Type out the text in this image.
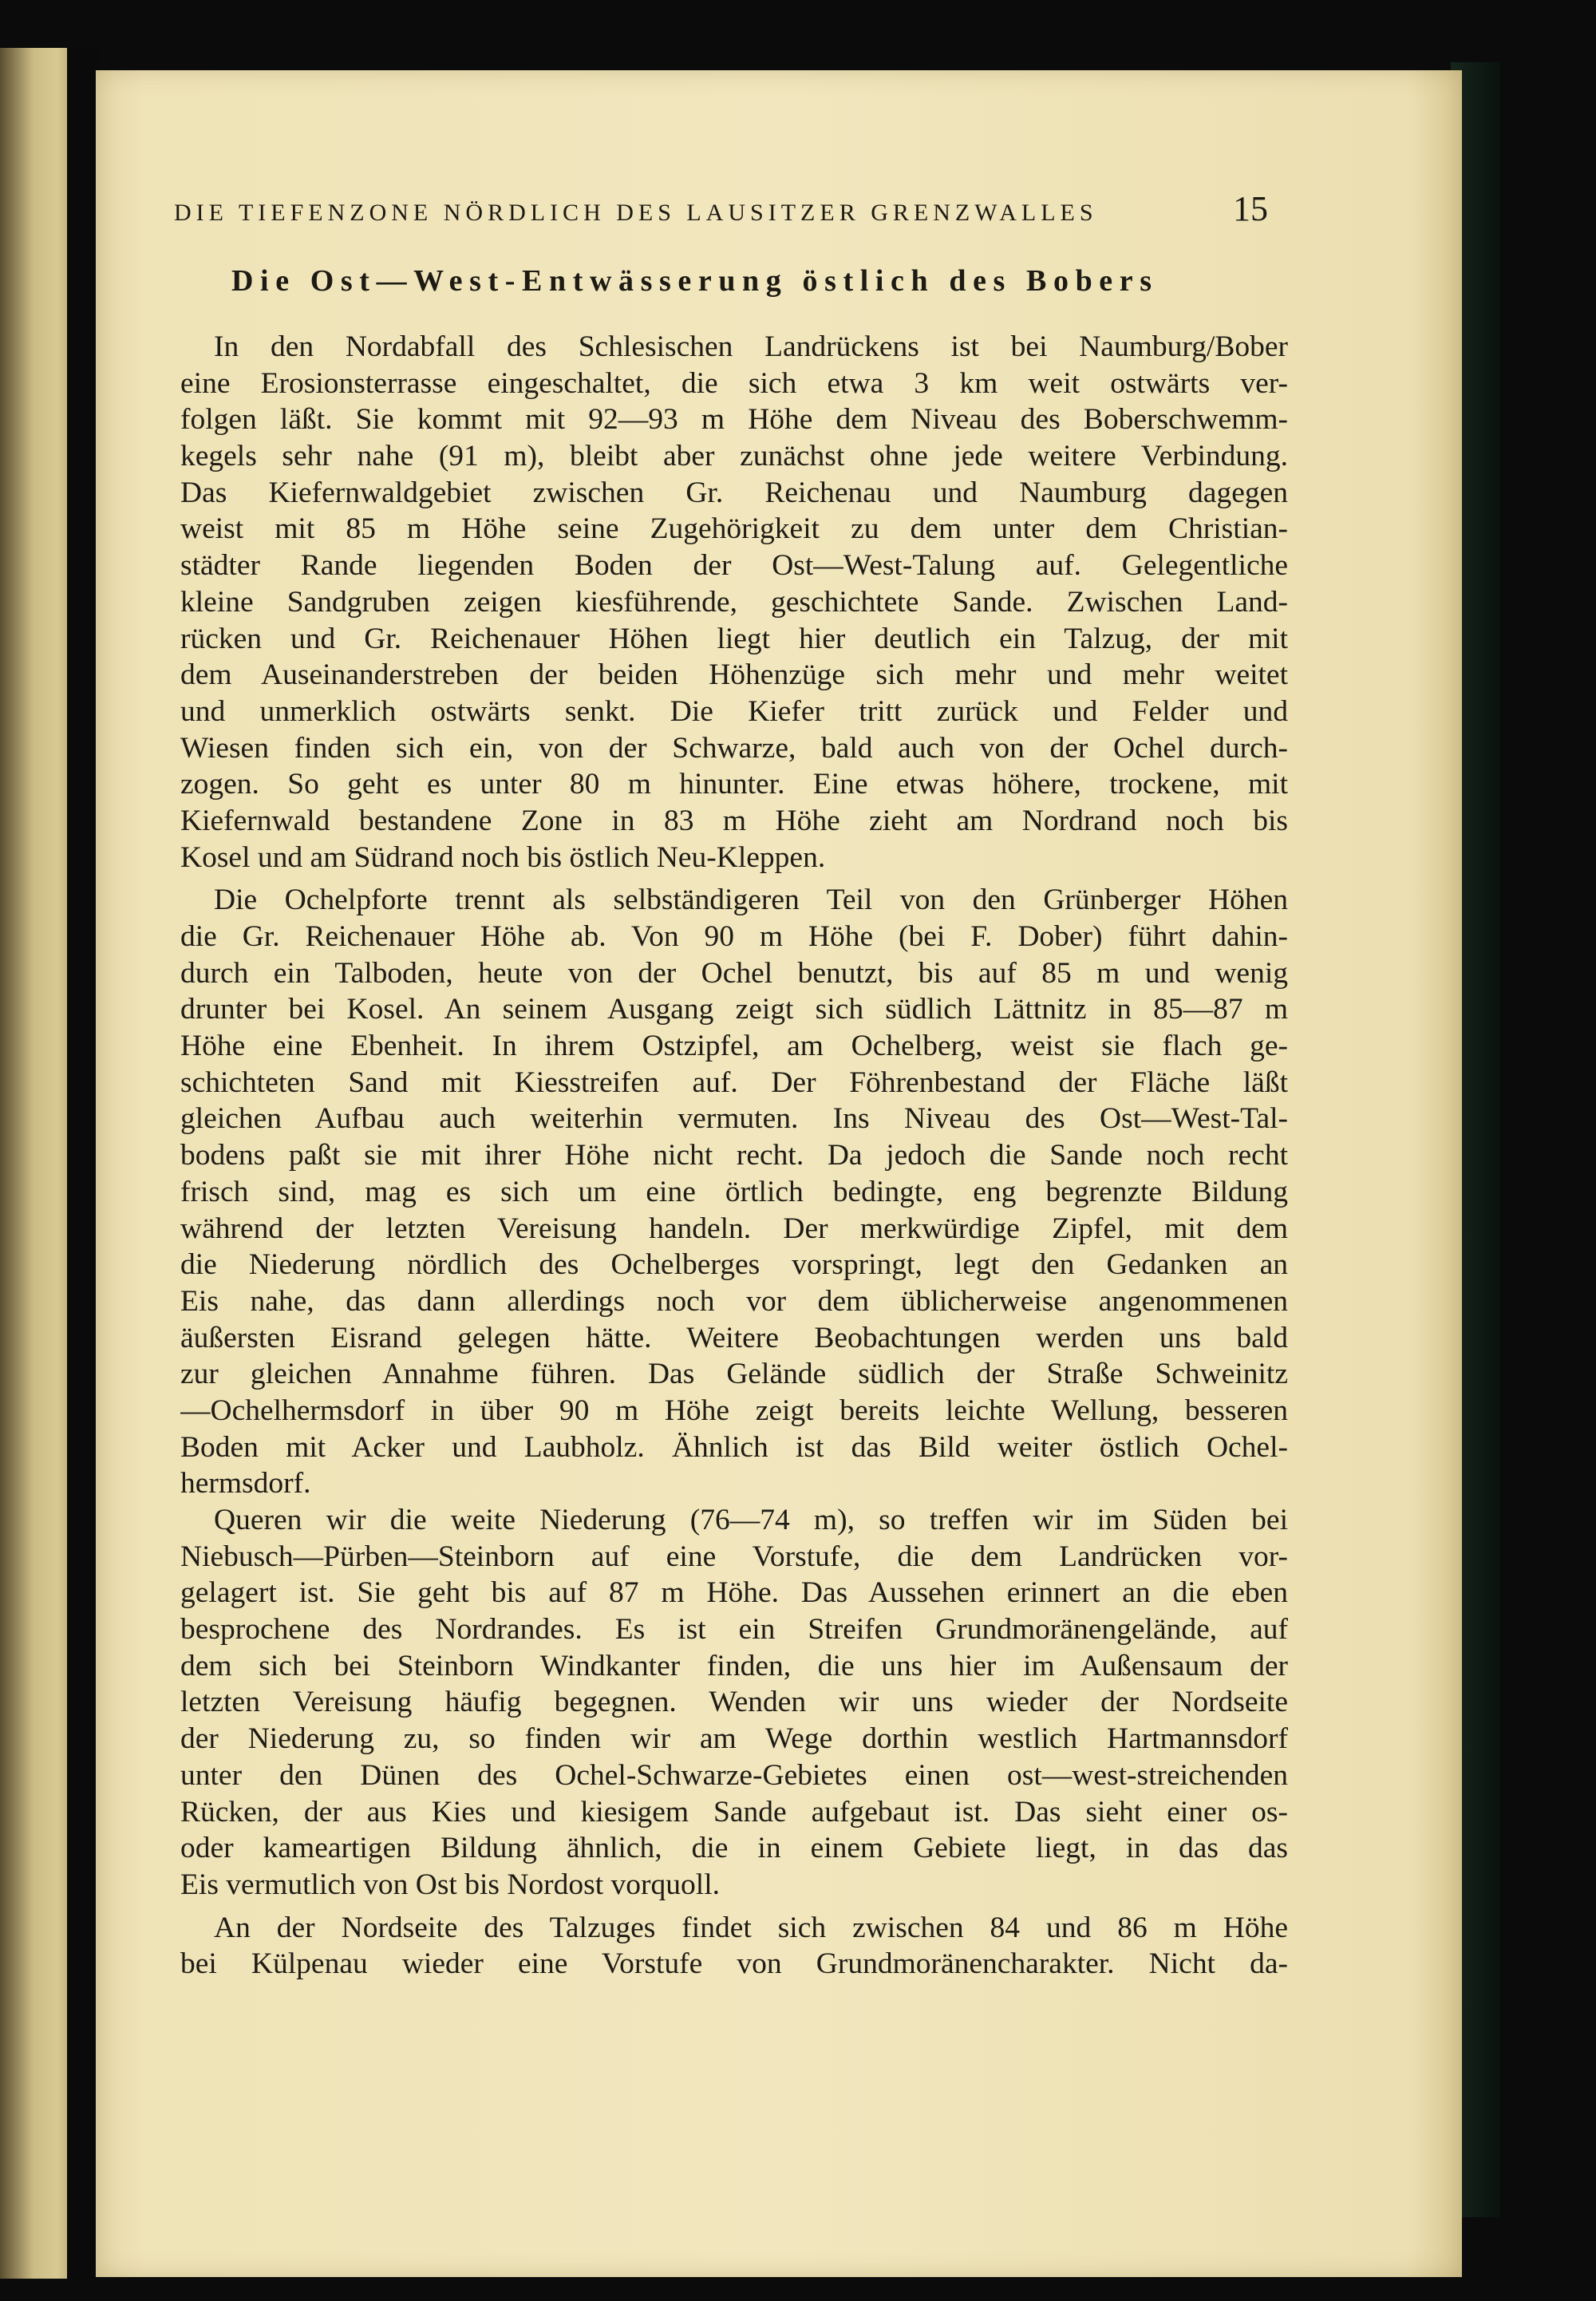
DIE TIEFENZONE NÖRDLICH DES LAUSITZER GRENZWALLES	15
Die Ost—West-Entwässerung östlich des Bobers
In den Nordabfall des Schlesischen Landrückens ist bei Naumburg/Bober
eine Erosionsterrasse eingeschaltet, die sich etwa 3 km weit ostwärts ver-
folgen läßt. Sie kommt mit 92—93 m Höhe dem Niveau des Boberschwemm-
kegels sehr nahe (91 m), bleibt aber zunächst ohne jede weitere Verbindung.
Das Kiefernwaldgebiet zwischen Gr. Reichenau und Naumburg dagegen
weist mit 85 m Höhe seine Zugehörigkeit zu dem unter dem Christian-
städter Rande liegenden Boden der Ost—West-Talung auf. Gelegentliche
kleine Sandgruben zeigen kiesführende, geschichtete Sande. Zwischen Land-
rücken und Gr. Reichenauer Höhen liegt hier deutlich ein Talzug, der mit
dem Auseinanderstreben der beiden Höhenzüge sich mehr und mehr weitet
und unmerklich ostwärts senkt. Die Kiefer tritt zurück und Felder und
Wiesen finden sich ein, von der Schwarze, bald auch von der Ochel durch-
zogen. So geht es unter 80 m hinunter. Eine etwas höhere, trockene, mit
Kiefernwald bestandene Zone in 83 m Höhe zieht am Nordrand noch bis
Kosel und am Südrand noch bis östlich Neu-Kleppen.
Die Ochelpforte trennt als selbständigeren Teil von den Grünberger Höhen
die Gr. Reichenauer Höhe ab. Von 90 m Höhe (bei F. Dober) führt dahin-
durch ein Talboden, heute von der Ochel benutzt, bis auf 85 m und wenig
drunter bei Kosel. An seinem Ausgang zeigt sich südlich Lättnitz in 85—87 m
Höhe eine Ebenheit. In ihrem Ostzipfel, am Ochelberg, weist sie flach ge-
schichteten Sand mit Kiesstreifen auf. Der Föhrenbestand der Fläche läßt
gleichen Aufbau auch weiterhin vermuten. Ins Niveau des Ost—West-Tal-
bodens paßt sie mit ihrer Höhe nicht recht. Da jedoch die Sande noch recht
frisch sind, mag es sich um eine örtlich bedingte, eng begrenzte Bildung
während der letzten Vereisung handeln. Der merkwürdige Zipfel, mit dem
die Niederung nördlich des Ochelberges vorspringt, legt den Gedanken an
Eis nahe, das dann allerdings noch vor dem üblicherweise angenommenen
äußersten Eisrand gelegen hätte. Weitere Beobachtungen werden uns bald
zur gleichen Annahme führen. Das Gelände südlich der Straße Schweinitz
—Ochelhermsdorf in über 90 m Höhe zeigt bereits leichte Wellung, besseren
Boden mit Acker und Laubholz. Ähnlich ist das Bild weiter östlich Ochel-
hermsdorf.
Queren wir die weite Niederung (76—74 m), so treffen wir im Süden bei
Niebusch—Pürben—Steinborn auf eine Vorstufe, die dem Landrücken vor-
gelagert ist. Sie geht bis auf 87 m Höhe. Das Aussehen erinnert an die eben
besprochene des Nordrandes. Es ist ein Streifen Grundmoränengelände, auf
dem sich bei Steinborn Windkanter finden, die uns hier im Außensaum der
letzten Vereisung häufig begegnen. Wenden wir uns wieder der Nordseite
der Niederung zu, so finden wir am Wege dorthin westlich Hartmannsdorf
unter den Dünen des Ochel-Schwarze-Gebietes einen ost—west-streichenden
Rücken, der aus Kies und kiesigem Sande aufgebaut ist. Das sieht einer os-
oder kameartigen Bildung ähnlich, die in einem Gebiete liegt, in das das
Eis vermutlich von Ost bis Nordost vorquoll.
An der Nordseite des Talzuges findet sich zwischen 84 und 86 m Höhe
bei Külpenau wieder eine Vorstufe von Grundmoränencharakter. Nicht da-
